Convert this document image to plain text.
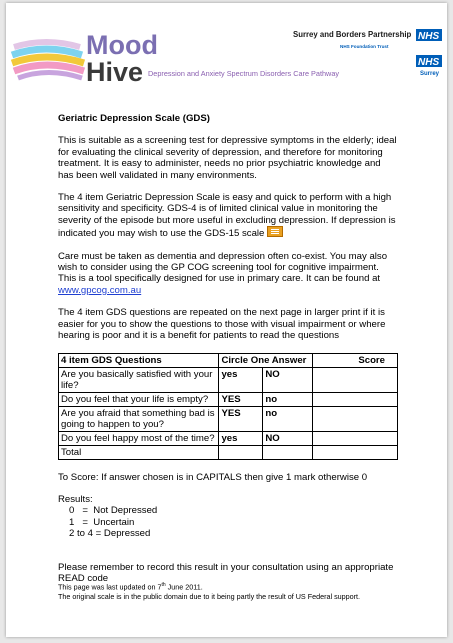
Mood
Hive Depression and Anxiety Spectrum Disorders Care Pathway
Surrey and Borders Partnership NHS
NHS Foundation Trust
NHS
Surrey

Geriatric Depression Scale (GDS)

This is suitable as a screening test for depressive symptoms in the elderly; ideal for evaluating the clinical severity of depression, and therefore for monitoring treatment. It is easy to administer, needs no prior psychiatric knowledge and has been well validated in many environments.

The 4 item Geriatric Depression Scale is easy and quick to perform with a high sensitivity and specificity. GDS-4 is of limited clinical value in monitoring the severity of the episode but more useful in excluding depression. If depression is indicated you may wish to use the GDS-15 scale

Care must be taken as dementia and depression often co-exist. You may also wish to consider using the GP COG screening tool for cognitive impairment. This is a tool specifically designed for use in primary care. It can be found at www.gpcog.com.au

The 4 item GDS questions are repeated on the next page in larger print if it is easier for you to show the questions to those with visual impairment or where hearing is poor and it is a benefit for patients to read the questions

4 item GDS Questions	Circle One Answer		Score
Are you basically satisfied with your life?	yes	NO	
Do you feel that your life is empty?	YES	no	
Are you afraid that something bad is going to happen to you?	YES	no	
Do you feel happy most of the time?	yes	NO	
Total			

To Score: If answer chosen is in CAPITALS then give 1 mark otherwise 0

Results:
0   =  Not Depressed
1   =  Uncertain
2 to 4 = Depressed

Please remember to record this result in your consultation using an appropriate READ code

This page was last updated on 7th June 2011.
The original scale is in the public domain due to it being partly the result of US Federal support.
